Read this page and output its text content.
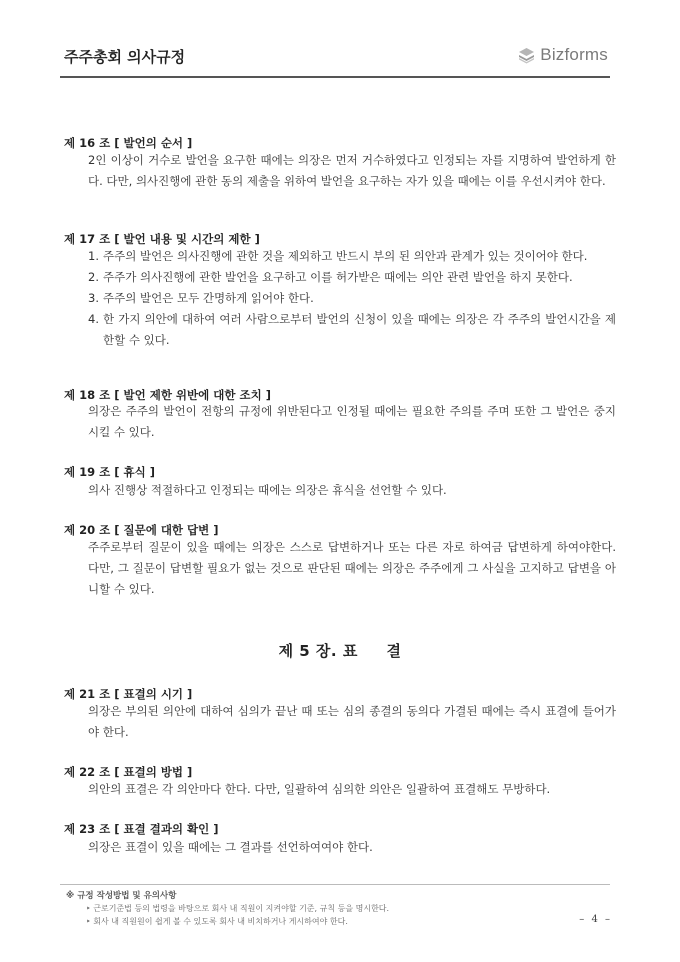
주주총회 의사규정	Bizforms
제 16 조 [ 발언의 순서 ]

2인 이상이 거수로 발언을 요구한 때에는 의장은 먼저 거수하였다고 인정되는 자를 지명하여 발언하게 한다. 다만, 의사진행에 관한 동의 제출을 위하여 발언을 요구하는 자가 있을 때에는 이를 우선시켜야 한다.

제 17 조 [ 발언 내용 및 시간의 제한 ]
1. 주주의 발언은 의사진행에 관한 것을 제외하고 반드시 부의 된 의안과 관계가 있는 것이어야 한다.
2. 주주가 의사진행에 관한 발언을 요구하고 이를 허가받은 때에는 의안 관련 발언을 하지 못한다.
3. 주주의 발언은 모두 간명하게 읽어야 한다.
4. 한 가지 의안에 대하여 여러 사람으로부터 발언의 신청이 있을 때에는 의장은 각 주주의 발언시간을 제한할 수 있다.
제 18 조 [ 발언 제한 위반에 대한 조치 ]

의장은 주주의 발언이 전항의 규정에 위반된다고 인정될 때에는 필요한 주의를 주며 또한 그 발언은 중지시킬 수 있다.

제 19 조 [ 휴식 ]

의사 진행상 적절하다고 인정되는 때에는 의장은 휴식을 선언할 수 있다.

제 20 조 [ 질문에 대한 답변 ]

주주로부터 질문이 있을 때에는 의장은 스스로 답변하거나 또는 다른 자로 하여금 답변하게 하여야한다. 다만, 그 질문이 답변할 필요가 없는 것으로 판단된 때에는 의장은 주주에게 그 사실을 고지하고 답변을 아니할 수 있다.

제 5 장. 표     결
제 21 조 [ 표결의 시기 ]

의장은 부의된 의안에 대하여 심의가 끝난 때 또는 심의 종결의 동의다 가결된 때에는 즉시 표결에 들어가야 한다.

제 22 조 [ 표결의 방법 ]

의안의 표결은 각 의안마다 한다. 다만, 일괄하여 심의한 의안은 일괄하여 표결해도 무방하다.

제 23 조 [ 표결 결과의 확인 ]

의장은 표결이 있을 때에는 그 결과를 선언하여여야 한다.

※ 규정 작성방법 및 유의사항
‣ 근로기준법 등의 법령을 바탕으로 회사 내 직원이 지켜야할 기준, 규칙 등을 명시한다.
‣ 회사 내 직원원이 쉽게 볼 수 있도록 회사 내 비치하거나 게시하여야 한다.	– 4 –
